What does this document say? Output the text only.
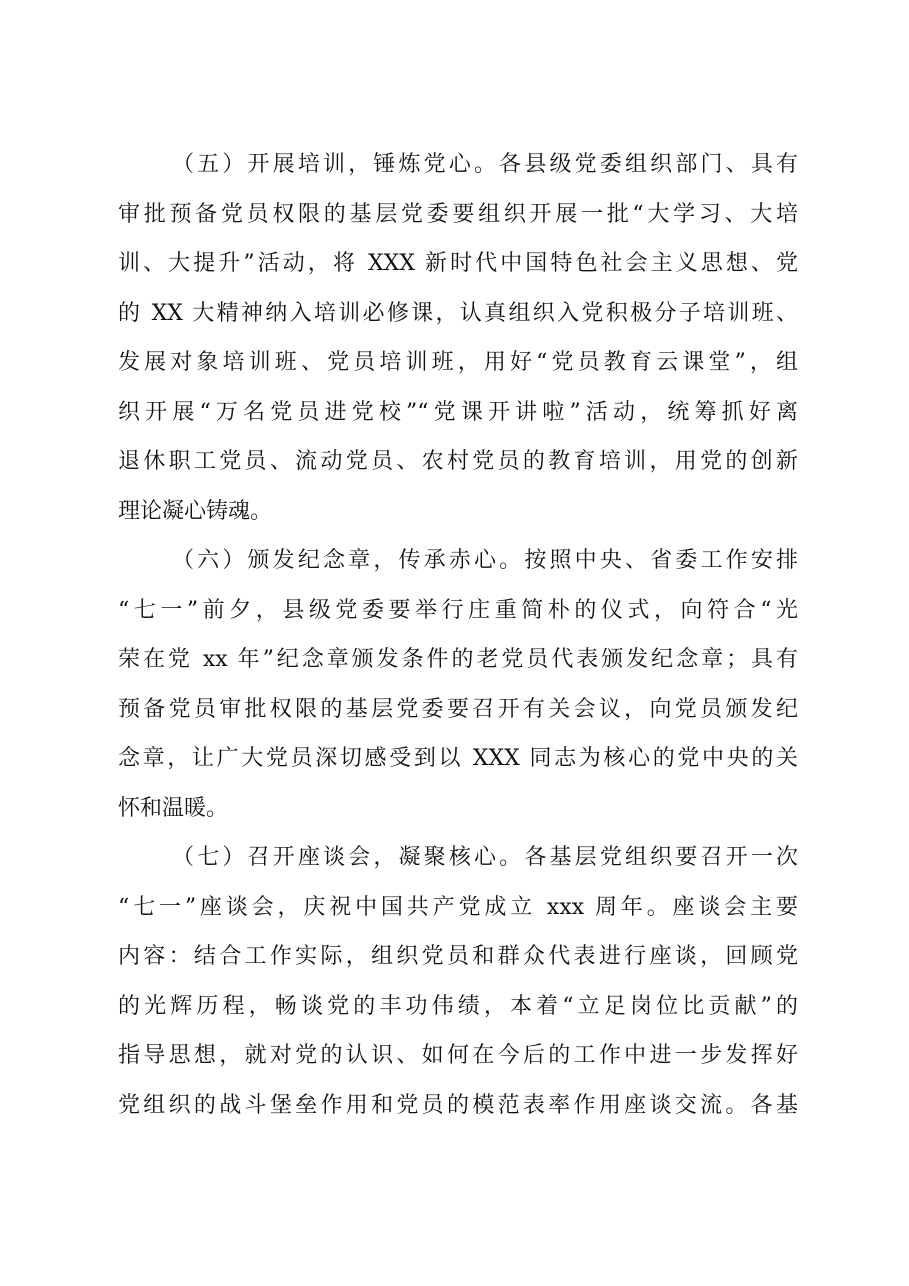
（五）开展培训，锤炼党心。各县级党委组织部门、具有
审批预备党员权限的基层党委要组织开展一批“大学习、大培
训、大提升”活动，将 XXX 新时代中国特色社会主义思想、党
的 XX 大精神纳入培训必修课，认真组织入党积极分子培训班、
发展对象培训班、党员培训班，用好“党员教育云课堂”，组
织开展“万名党员进党校”“党课开讲啦”活动，统筹抓好离
退休职工党员、流动党员、农村党员的教育培训，用党的创新
理论凝心铸魂。
（六）颁发纪念章，传承赤心。按照中央、省委工作安排
“七一”前夕，县级党委要举行庄重简朴的仪式，向符合“光
荣在党 xx 年”纪念章颁发条件的老党员代表颁发纪念章；具有
预备党员审批权限的基层党委要召开有关会议，向党员颁发纪
念章，让广大党员深切感受到以 XXX 同志为核心的党中央的关
怀和温暖。
（七）召开座谈会，凝聚核心。各基层党组织要召开一次
“七一”座谈会，庆祝中国共产党成立 xxx 周年。座谈会主要
内容：结合工作实际，组织党员和群众代表进行座谈，回顾党
的光辉历程，畅谈党的丰功伟绩，本着“立足岗位比贡献”的
指导思想，就对党的认识、如何在今后的工作中进一步发挥好
党组织的战斗堡垒作用和党员的模范表率作用座谈交流。各基
